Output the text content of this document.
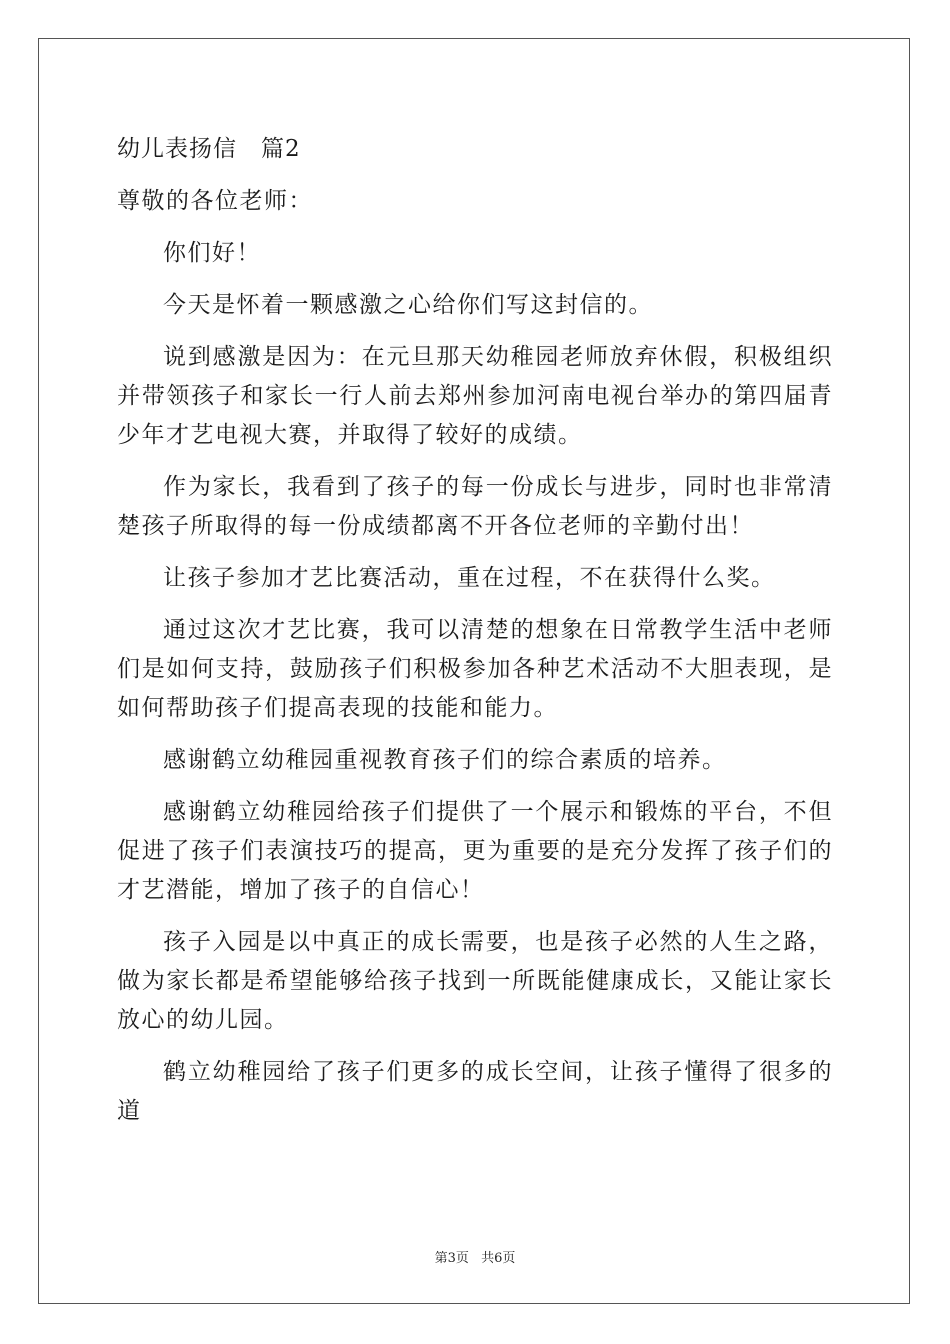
幼儿表扬信　篇2

尊敬的各位老师：

你们好！

今天是怀着一颗感激之心给你们写这封信的。

说到感激是因为：在元旦那天幼稚园老师放弃休假，积极组织并带领孩子和家长一行人前去郑州参加河南电视台举办的第四届青少年才艺电视大赛，并取得了较好的成绩。

作为家长，我看到了孩子的每一份成长与进步，同时也非常清楚孩子所取得的每一份成绩都离不开各位老师的辛勤付出！

让孩子参加才艺比赛活动，重在过程，不在获得什么奖。

通过这次才艺比赛，我可以清楚的想象在日常教学生活中老师们是如何支持，鼓励孩子们积极参加各种艺术活动不大胆表现，是如何帮助孩子们提高表现的技能和能力。

感谢鹤立幼稚园重视教育孩子们的综合素质的培养。

感谢鹤立幼稚园给孩子们提供了一个展示和锻炼的平台，不但促进了孩子们表演技巧的提高，更为重要的是充分发挥了孩子们的才艺潜能，增加了孩子的自信心！

孩子入园是以中真正的成长需要，也是孩子必然的人生之路，做为家长都是希望能够给孩子找到一所既能健康成长，又能让家长放心的幼儿园。

鹤立幼稚园给了孩子们更多的成长空间，让孩子懂得了很多的道

第3页 共6页
